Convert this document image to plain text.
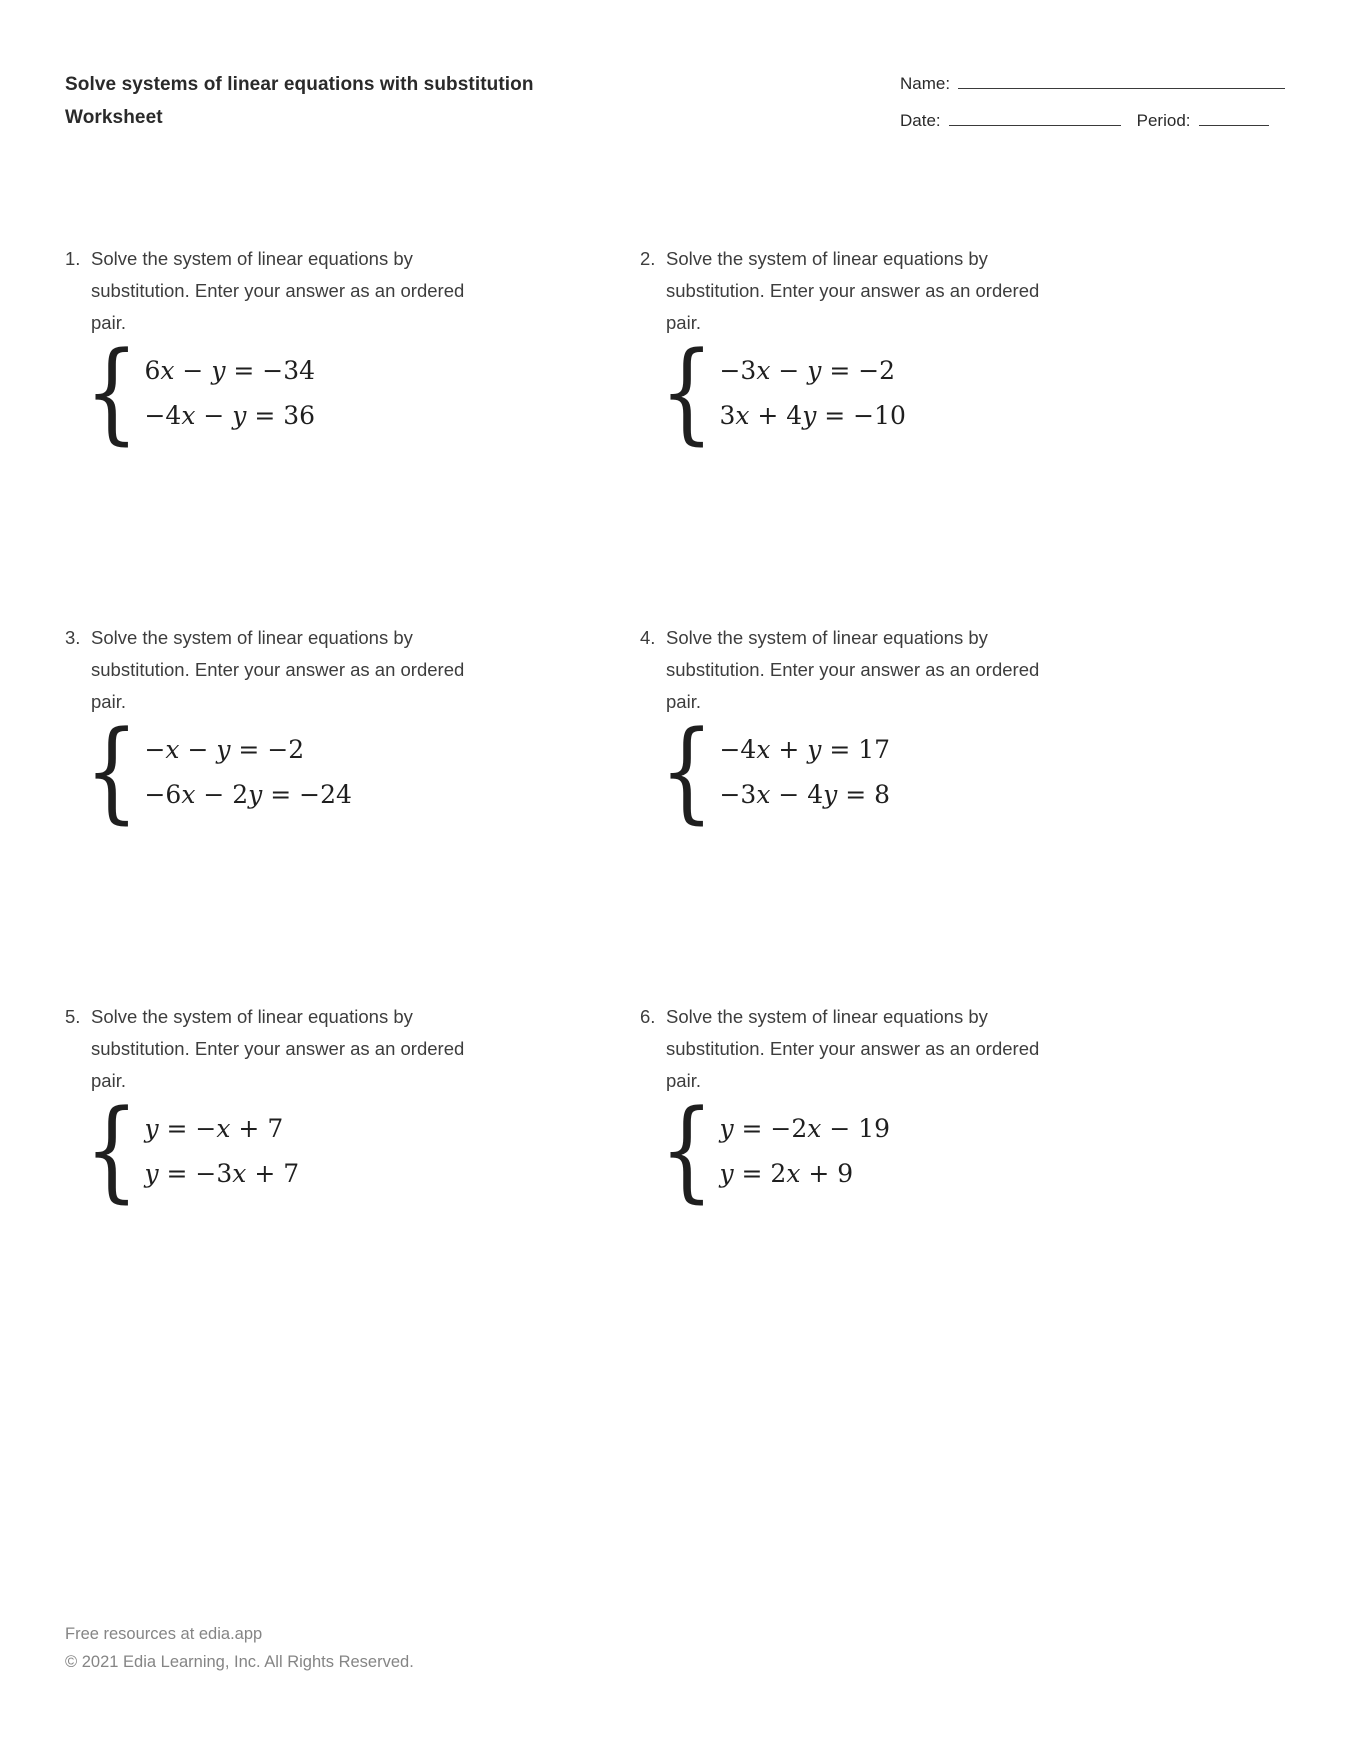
Solve systems of linear equations with substitution
Worksheet
Name:
Date:	Period:
1. Solve the system of linear equations by
substitution. Enter your answer as an ordered
pair.
{ 6x − y = −34
−4x − y = 36
2. Solve the system of linear equations by
substitution. Enter your answer as an ordered
pair.
{ −3x − y = −2
3x + 4y = −10
3. Solve the system of linear equations by
substitution. Enter your answer as an ordered
pair.
{ −x − y = −2
−6x − 2y = −24
4. Solve the system of linear equations by
substitution. Enter your answer as an ordered
pair.
{ −4x + y = 17
−3x − 4y = 8
5. Solve the system of linear equations by
substitution. Enter your answer as an ordered
pair.
{ y = −x + 7
y = −3x + 7
6. Solve the system of linear equations by
substitution. Enter your answer as an ordered
pair.
{ y = −2x − 19
y = 2x + 9
Free resources at edia.app
© 2021 Edia Learning, Inc. All Rights Reserved.
